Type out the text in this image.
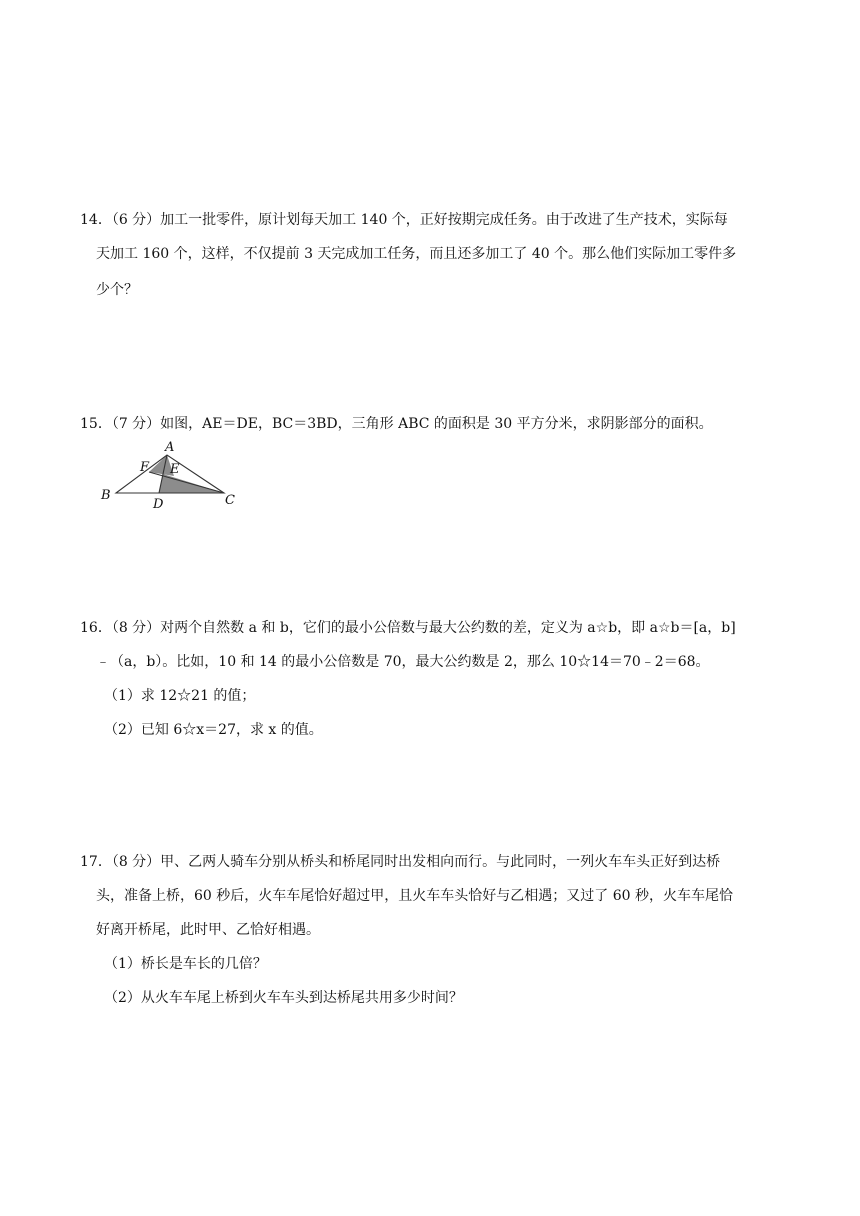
14．（6 分）加工一批零件，原计划每天加工 140 个，正好按期完成任务。由于改进了生产技术，实际每
天加工 160 个，这样，不仅提前 3 天完成加工任务，而且还多加工了 40 个。那么他们实际加工零件多
少个？
15．（7 分）如图，AE＝DE，BC＝3BD，三角形 ABC 的面积是 30 平方分米，求阴影部分的面积。
A
B	C
D
E
F
16．（8 分）对两个自然数 a 和 b，它们的最小公倍数与最大公约数的差，定义为 a☆b，即 a☆b＝[a，b]
﹣（a，b）。比如，10 和 14 的最小公倍数是 70，最大公约数是 2，那么 10☆14＝70﹣2＝68。
（1）求 12☆21 的值；
（2）已知 6☆x＝27，求 x 的值。
17．（8 分）甲、乙两人骑车分别从桥头和桥尾同时出发相向而行。与此同时，一列火车车头正好到达桥
头，准备上桥，60 秒后，火车车尾恰好超过甲，且火车车头恰好与乙相遇；又过了 60 秒，火车车尾恰
好离开桥尾，此时甲、乙恰好相遇。
（1）桥长是车长的几倍？
（2）从火车车尾上桥到火车车头到达桥尾共用多少时间？
